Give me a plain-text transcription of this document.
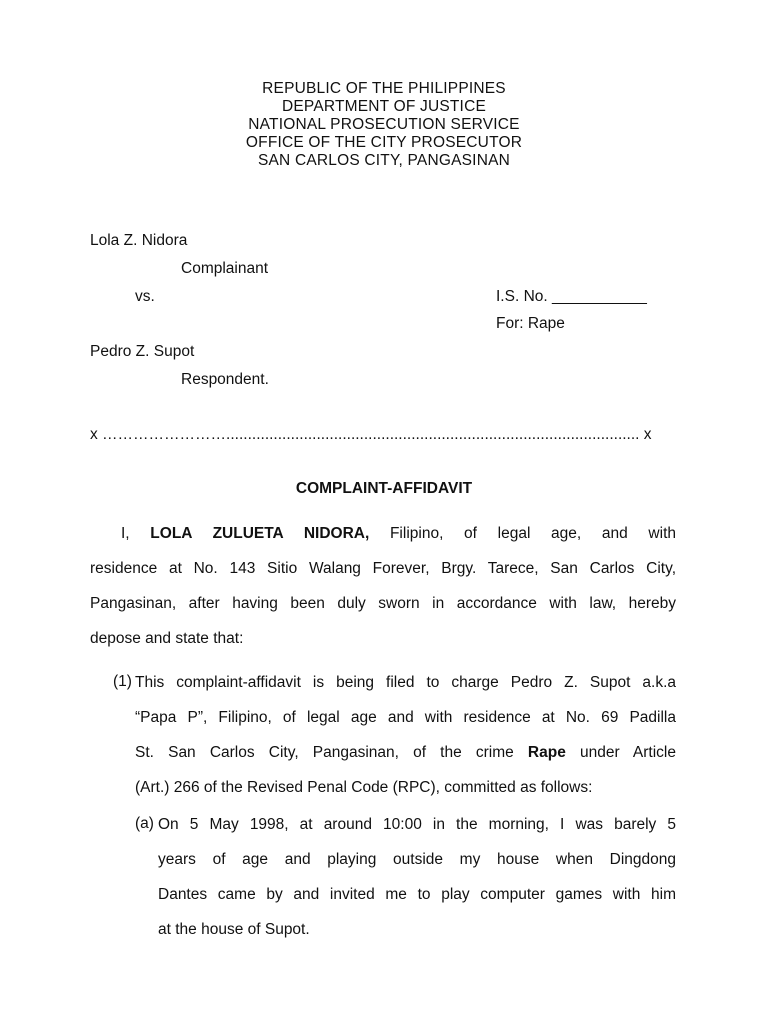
REPUBLIC OF THE PHILIPPINES
DEPARTMENT OF JUSTICE
NATIONAL PROSECUTION SERVICE
OFFICE OF THE CITY PROSECUTOR
SAN CARLOS CITY, PANGASINAN
Lola Z. Nidora
Complainant
vs.	I.S. No. ___________
For: Rape
Pedro Z. Supot
Respondent.
x ……………………................................................................................................ x
COMPLAINT-AFFIDAVIT
I, LOLA ZULUETA NIDORA, Filipino, of legal age, and with
residence at No. 143 Sitio Walang Forever, Brgy. Tarece, San Carlos City,
Pangasinan, after having been duly sworn in accordance with law, hereby
depose and state that:
(1) This complaint-affidavit is being filed to charge Pedro Z. Supot a.k.a
“Papa P”, Filipino, of legal age and with residence at No. 69 Padilla
St. San Carlos City, Pangasinan, of the crime Rape under Article
(Art.) 266 of the Revised Penal Code (RPC), committed as follows:
(a) On 5 May 1998, at around 10:00 in the morning, I was barely 5
years of age and playing outside my house when Dingdong
Dantes came by and invited me to play computer games with him
at the house of Supot.
